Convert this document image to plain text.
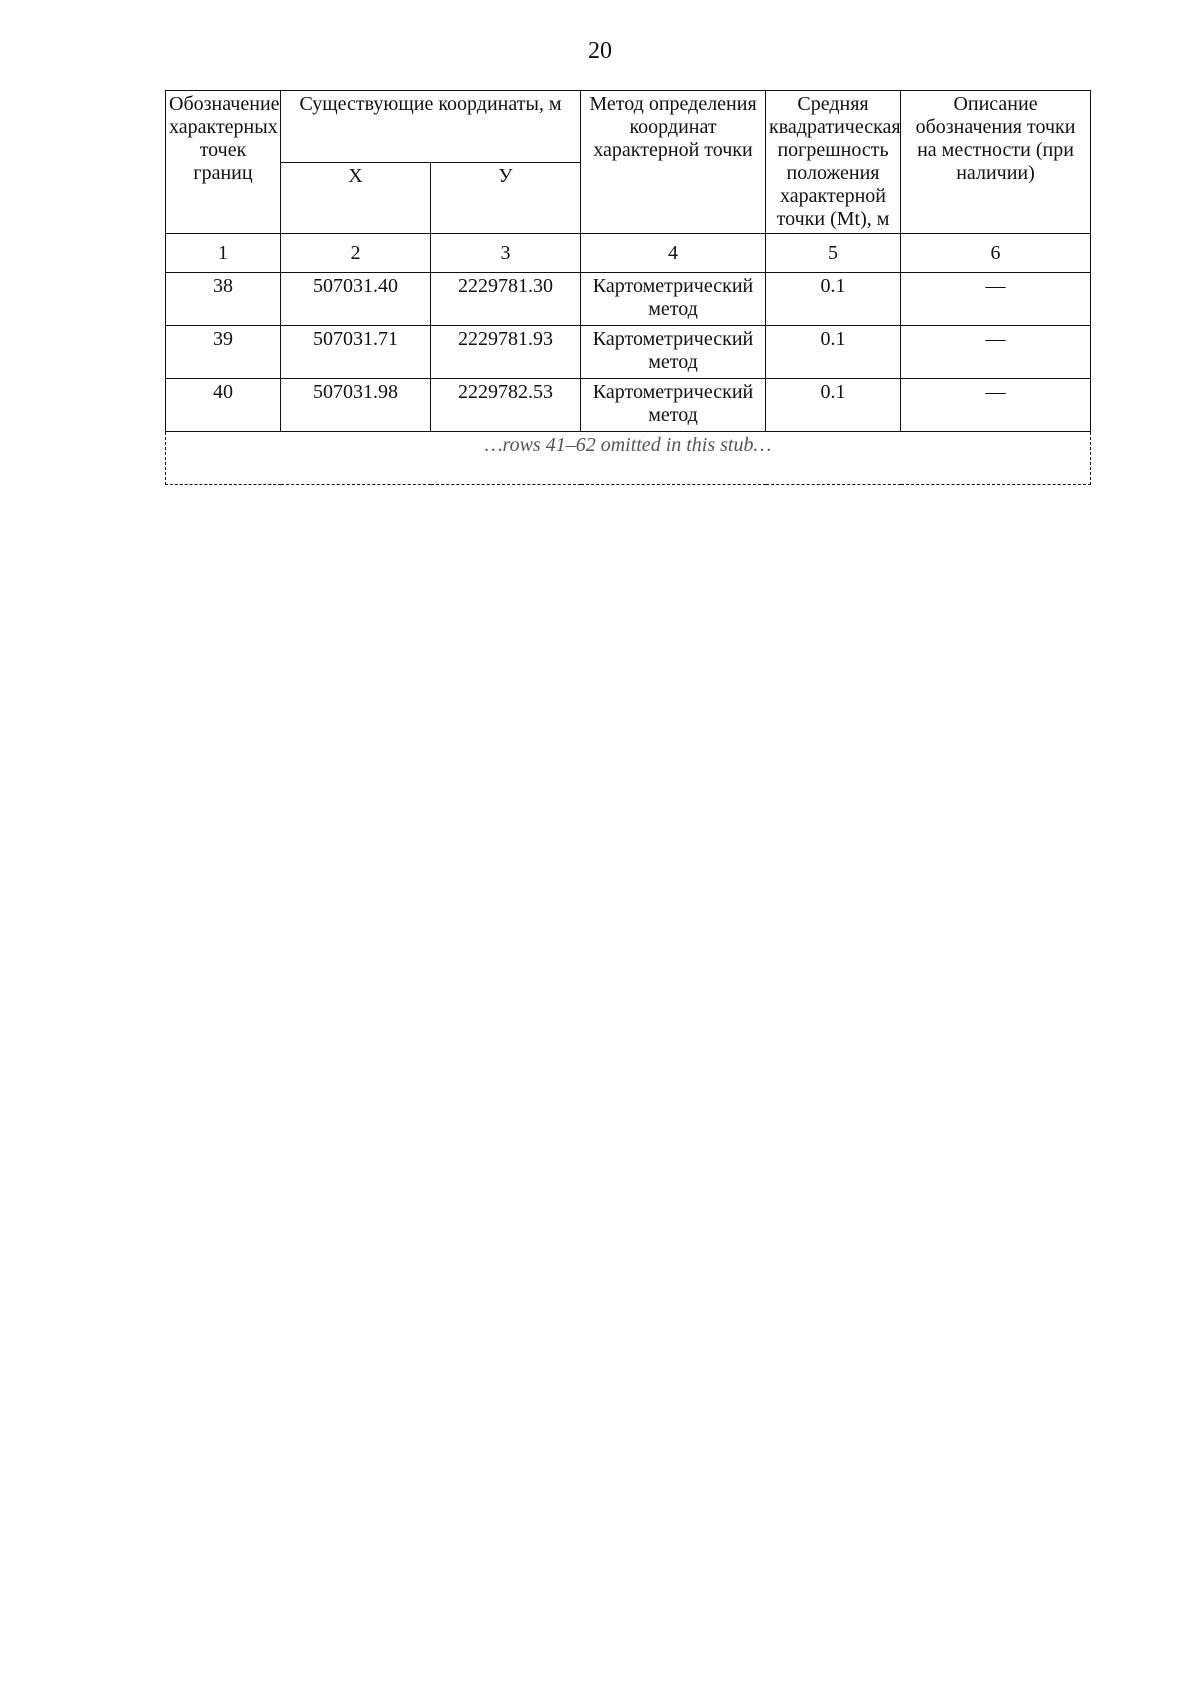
20
Обозначение характерных точек границ	Существующие координаты, м		Метод определения координат характерной точки	Средняя квадратическая погрешность положения характерной точки (Mt), м	Описание обозначения точки на местности (при наличии)
	X	У			
1	2	3	4	5	6
38	507031.40	2229781.30	Картометрический метод	0.1	—
39	507031.71	2229781.93	Картометрический метод	0.1	—
40	507031.98	2229782.53	Картометрический метод	0.1	—
…rows 41–62 omitted in this stub…					
